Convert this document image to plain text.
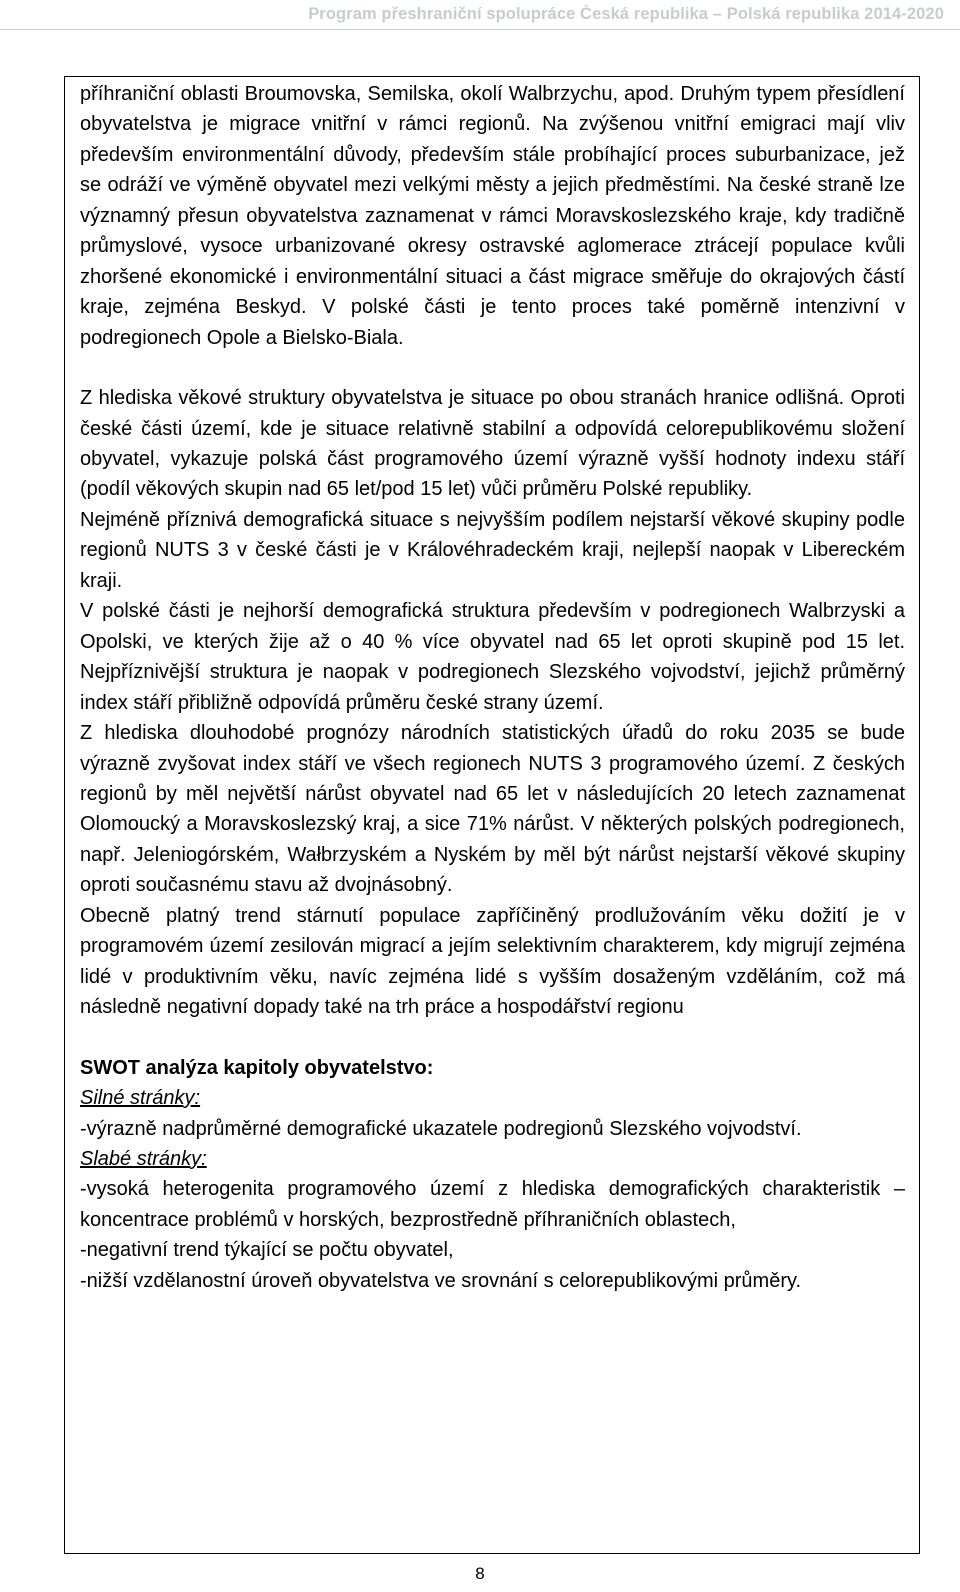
Program přeshraniční spolupráce Česká republika – Polská republika 2014-2020

příhraniční oblasti Broumovska, Semilska, okolí Walbrzychu, apod. Druhým typem přesídlení obyvatelstva je migrace vnitřní v rámci regionů. Na zvýšenou vnitřní emigraci mají vliv především environmentální důvody, především stále probíhající proces suburbanizace, jež se odráží ve výměně obyvatel mezi velkými městy a jejich předměstími. Na české straně lze významný přesun obyvatelstva zaznamenat v rámci Moravskoslezského kraje, kdy tradičně průmyslové, vysoce urbanizované okresy ostravské aglomerace ztrácejí populace kvůli zhoršené ekonomické i environmentální situaci a část migrace směřuje do okrajových částí kraje, zejména Beskyd. V polské části je tento proces také poměrně intenzivní v podregionech Opole a Bielsko-Biala.

Z hlediska věkové struktury obyvatelstva je situace po obou stranách hranice odlišná. Oproti české části území, kde je situace relativně stabilní a odpovídá celorepublikovému složení obyvatel, vykazuje polská část programového území výrazně vyšší hodnoty indexu stáří (podíl věkových skupin nad 65 let/pod 15 let) vůči průměru Polské republiky.

Nejméně příznivá demografická situace s nejvyšším podílem nejstarší věkové skupiny podle regionů NUTS 3 v české části je v Královéhradeckém kraji, nejlepší naopak v Libereckém kraji.

V polské části je nejhorší demografická struktura především v podregionech Walbrzyski a Opolski, ve kterých žije až o 40 % více obyvatel nad 65 let oproti skupině pod 15 let. Nejpříznivější struktura je naopak v podregionech Slezského vojvodství, jejichž průměrný index stáří přibližně odpovídá průměru české strany území.

Z hlediska dlouhodobé prognózy národních statistických úřadů do roku 2035 se bude výrazně zvyšovat index stáří ve všech regionech NUTS 3 programového území. Z českých regionů by měl největší nárůst obyvatel nad 65 let v následujících 20 letech zaznamenat Olomoucký a Moravskoslezský kraj, a sice 71% nárůst. V některých polských podregionech, např. Jeleniogórském, Wałbrzyském a Nyském by měl být nárůst nejstarší věkové skupiny oproti současnému stavu až dvojnásobný.

Obecně platný trend stárnutí populace zapříčiněný prodlužováním věku dožití je v programovém území zesilován migrací a jejím selektivním charakterem, kdy migrují zejména lidé v produktivním věku, navíc zejména lidé s vyšším dosaženým vzděláním, což má následně negativní dopady také na trh práce a hospodářství regionu

SWOT analýza kapitoly obyvatelstvo:
Silné stránky:

-výrazně nadprůměrné demografické ukazatele podregionů Slezského vojvodství.

Slabé stránky:

-vysoká heterogenita programového území z hlediska demografických charakteristik – koncentrace problémů v horských, bezprostředně příhraničních oblastech,

-negativní trend týkající se počtu obyvatel,

-nižší vzdělanostní úroveň obyvatelstva ve srovnání s celorepublikovými průměry.

8
